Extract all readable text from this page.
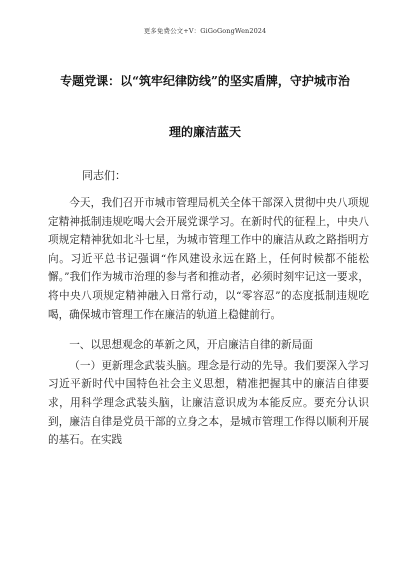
更多免费公文+V：GiGoGongWen2024
专题党课：以“筑牢纪律防线”的坚实盾牌，守护城市治
理的廉洁蓝天
同志们：

今天，我们召开市城市管理局机关全体干部深入贯彻中央八项规定精神抵制违规吃喝大会开展党课学习。在新时代的征程上，中央八项规定精神犹如北斗七星，为城市管理工作中的廉洁从政之路指明方向。习近平总书记强调“作风建设永远在路上，任何时候都不能松懈。”我们作为城市治理的参与者和推动者，必须时刻牢记这一要求，将中央八项规定精神融入日常行动，以“零容忍”的态度抵制违规吃喝，确保城市管理工作在廉洁的轨道上稳健前行。

一、以思想观念的革新之风，开启廉洁自律的新局面

（一）更新理念武装头脑。理念是行动的先导。我们要深入学习习近平新时代中国特色社会主义思想，精准把握其中的廉洁自律要求，用科学理念武装头脑，让廉洁意识成为本能反应。要充分认识到，廉洁自律是党员干部的立身之本，是城市管理工作得以顺利开展的基石。在实践
